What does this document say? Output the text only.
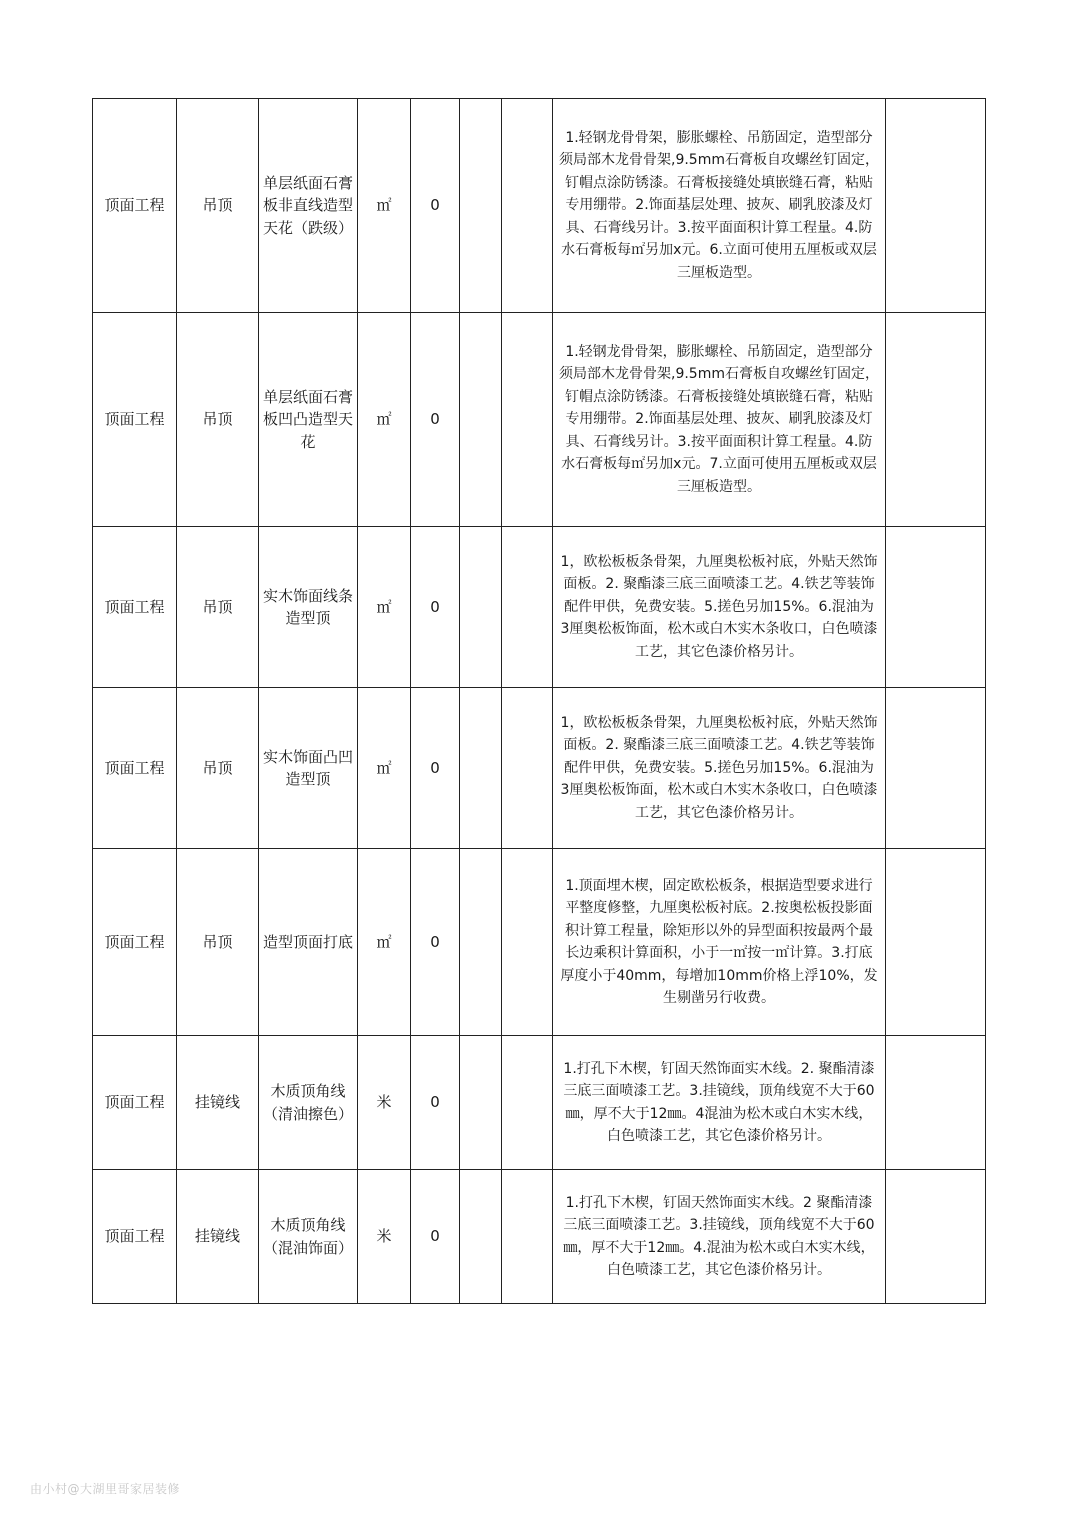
顶面工程	吊顶	单层纸面石膏板非直线造型天花（跌级）	㎡	0			1.轻钢龙骨骨架，膨胀螺栓、吊筋固定，造型部分须局部木龙骨骨架,9.5mm石膏板自攻螺丝钉固定，钉帽点涂防锈漆。石膏板接缝处填嵌缝石膏，粘贴专用绷带。2.饰面基层处理、披灰、刷乳胶漆及灯具、石膏线另计。3.按平面面积计算工程量。4.防水石膏板每㎡另加x元。6.立面可使用五厘板或双层三厘板造型。	
顶面工程	吊顶	单层纸面石膏板凹凸造型天花	㎡	0			1.轻钢龙骨骨架，膨胀螺栓、吊筋固定，造型部分须局部木龙骨骨架,9.5mm石膏板自攻螺丝钉固定，钉帽点涂防锈漆。石膏板接缝处填嵌缝石膏，粘贴专用绷带。2.饰面基层处理、披灰、刷乳胶漆及灯具、石膏线另计。3.按平面面积计算工程量。4.防水石膏板每㎡另加x元。7.立面可使用五厘板或双层三厘板造型。	
顶面工程	吊顶	实木饰面线条造型顶	㎡	0			1，欧松板板条骨架，九厘奥松板衬底，外贴天然饰面板。2. 聚酯漆三底三面喷漆工艺。4.铁艺等装饰配件甲供，免费安装。5.搓色另加15%。6.混油为 3厘奥松板饰面，松木或白木实木条收口，白色喷漆工艺，其它色漆价格另计。	
顶面工程	吊顶	实木饰面凸凹造型顶	㎡	0			1，欧松板板条骨架，九厘奥松板衬底，外贴天然饰面板。2. 聚酯漆三底三面喷漆工艺。4.铁艺等装饰配件甲供，免费安装。5.搓色另加15%。6.混油为 3厘奥松板饰面，松木或白木实木条收口，白色喷漆工艺，其它色漆价格另计。	
顶面工程	吊顶	造型顶面打底	㎡	0			1.顶面埋木楔，固定欧松板条，根据造型要求进行平整度修整，九厘奥松板衬底。2.按奥松板投影面积计算工程量，除矩形以外的异型面积按最两个最长边乘积计算面积，小于一㎡按一㎡计算。3.打底厚度小于40mm，每增加10mm价格上浮10%，发生剔凿另行收费。	
顶面工程	挂镜线	木质顶角线（清油擦色）	米	0			1.打孔下木楔，钉固天然饰面实木线。2. 聚酯清漆三底三面喷漆工艺。3.挂镜线，顶角线宽不大于60㎜，厚不大于12㎜。4混油为松木或白木实木线，白色喷漆工艺，其它色漆价格另计。	
顶面工程	挂镜线	木质顶角线（混油饰面）	米	0			1.打孔下木楔，钉固天然饰面实木线。2 聚酯清漆三底三面喷漆工艺。3.挂镜线，顶角线宽不大于60㎜，厚不大于12㎜。4.混油为松木或白木实木线，白色喷漆工艺，其它色漆价格另计。	
由小村@大湖里哥家居装修
